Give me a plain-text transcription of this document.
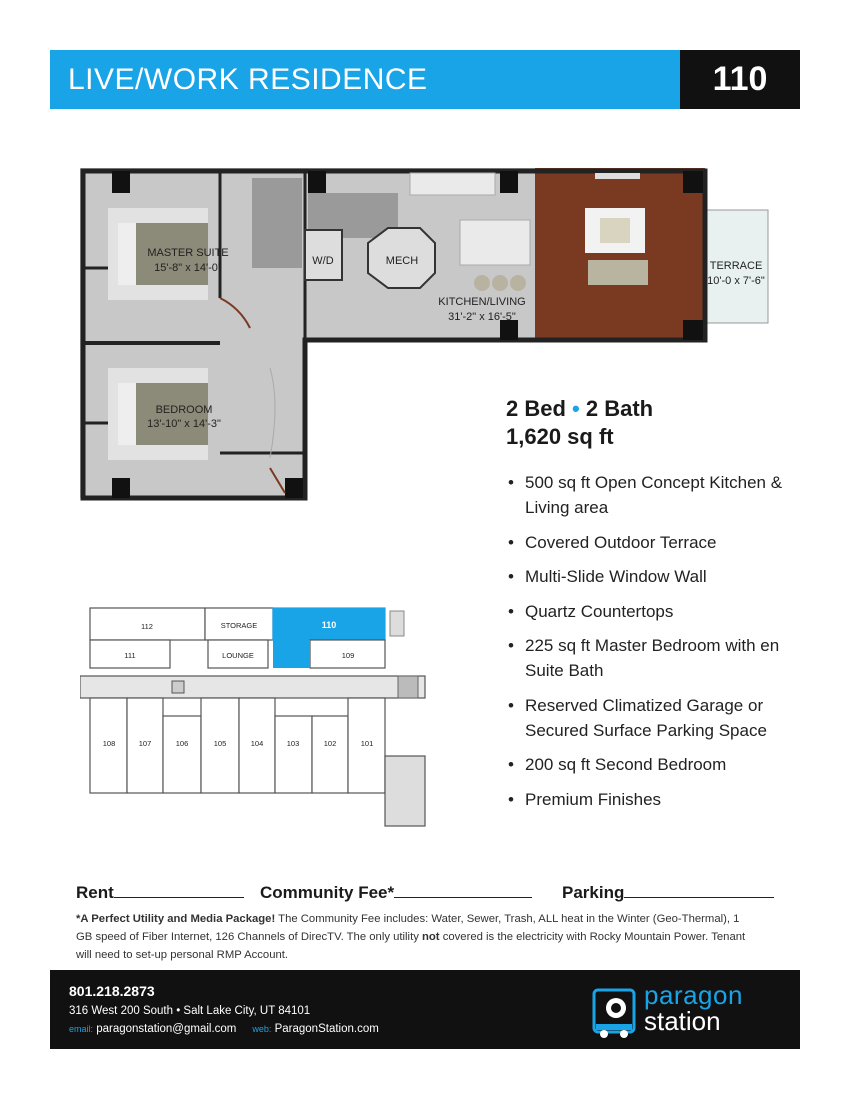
LIVE/WORK RESIDENCE	110
MASTER SUITE
15'-8" x 14'-0"
W/D	MECH
KITCHEN/LIVING
31'-2" x 16'-5"
TERRACE
10'-0 x 7'-6"
BEDROOM
13'-10" x 14'-3"
112	STORAGE	110
111	LOUNGE	109
108	107	106	105	104	103	102	101
2 Bed • 2 Bath
1,620 sq ft
• 500 sq ft Open Concept Kitchen & Living area
• Covered Outdoor Terrace
• Multi-Slide Window Wall
• Quartz Countertops
• 225 sq ft Master Bedroom with en Suite Bath
• Reserved Climatized Garage or Secured Surface Parking Space
• 200 sq ft Second Bedroom
• Premium Finishes
Rent	Community Fee*	Parking
*A Perfect Utility and Media Package! The Community Fee includes: Water, Sewer, Trash, ALL heat in the Winter (Geo-Thermal), 1 GB speed of Fiber Internet, 126 Channels of DirecTV. The only utility not covered is the electricity with Rocky Mountain Power. Tenant will need to set-up personal RMP Account.
801.218.2873
316 West 200 South • Salt Lake City, UT 84101
email: paragonstation@gmail.com web: ParagonStation.com
paragon
station
